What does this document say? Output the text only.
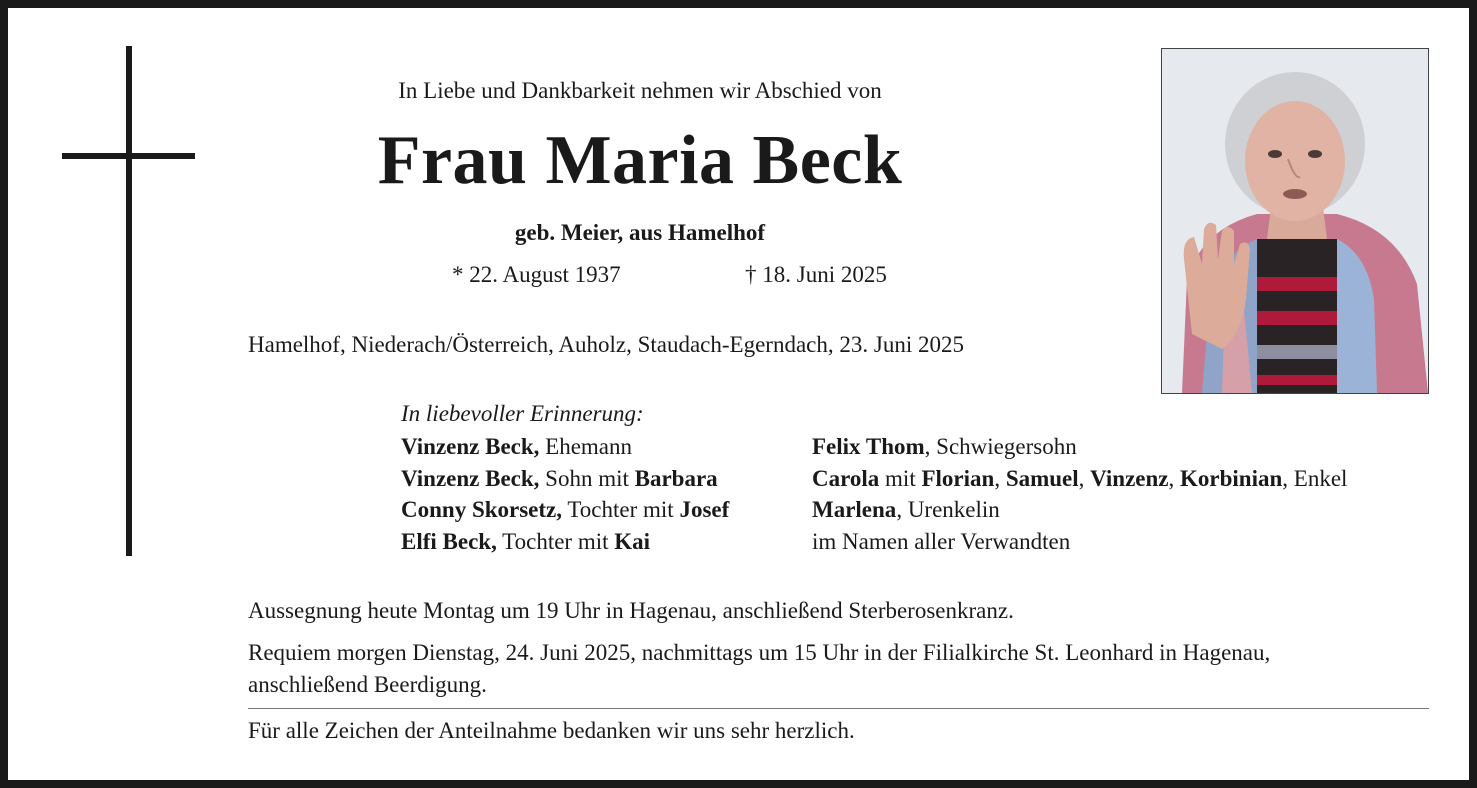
In Liebe und Dankbarkeit nehmen wir Abschied von
Frau Maria Beck
geb. Meier, aus Hamelhof
* 22. August 1937	† 18. Juni 2025
Hamelhof, Niederach/Österreich, Auholz, Staudach-Egerndach, 23. Juni 2025
In liebevoller Erinnerung:
Vinzenz Beck, Ehemann
Vinzenz Beck, Sohn mit Barbara
Conny Skorsetz, Tochter mit Josef
Elfi Beck, Tochter mit Kai
Felix Thom, Schwiegersohn
Carola mit Florian, Samuel, Vinzenz, Korbinian, Enkel
Marlena, Urenkelin
im Namen aller Verwandten
Aussegnung heute Montag um 19 Uhr in Hagenau, anschließend Sterberosenkranz.
Requiem morgen Dienstag, 24. Juni 2025, nachmittags um 15 Uhr in der Filialkirche St. Leonhard in Hagenau,
anschließend Beerdigung.
Für alle Zeichen der Anteilnahme bedanken wir uns sehr herzlich.
